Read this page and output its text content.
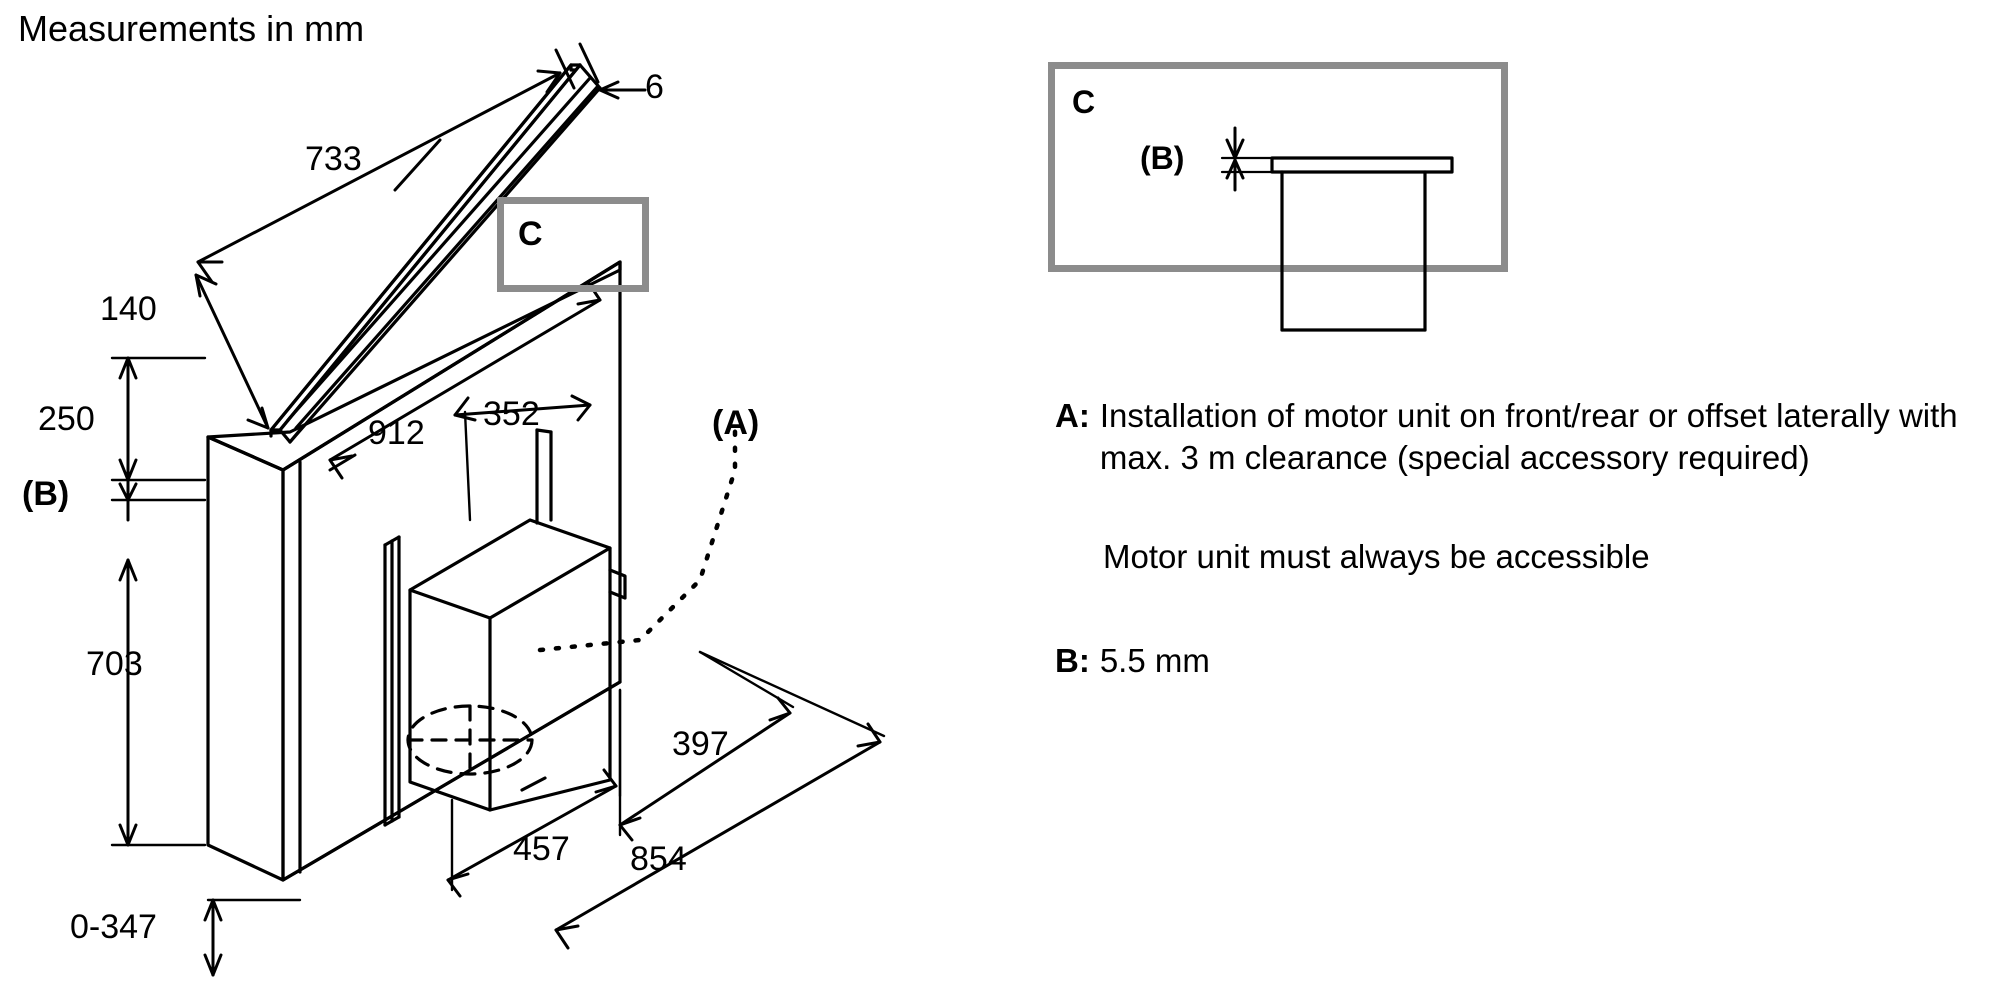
Measurements in mm
C
6
733
140
250
(B)
912 352	(A)
703
0-347
457 854
397
C
(B)
A: Installation of motor unit on front/rear or offset laterally with max. 3 m clearance (special accessory required)
Motor unit must always be accessible
B: 5.5 mm
